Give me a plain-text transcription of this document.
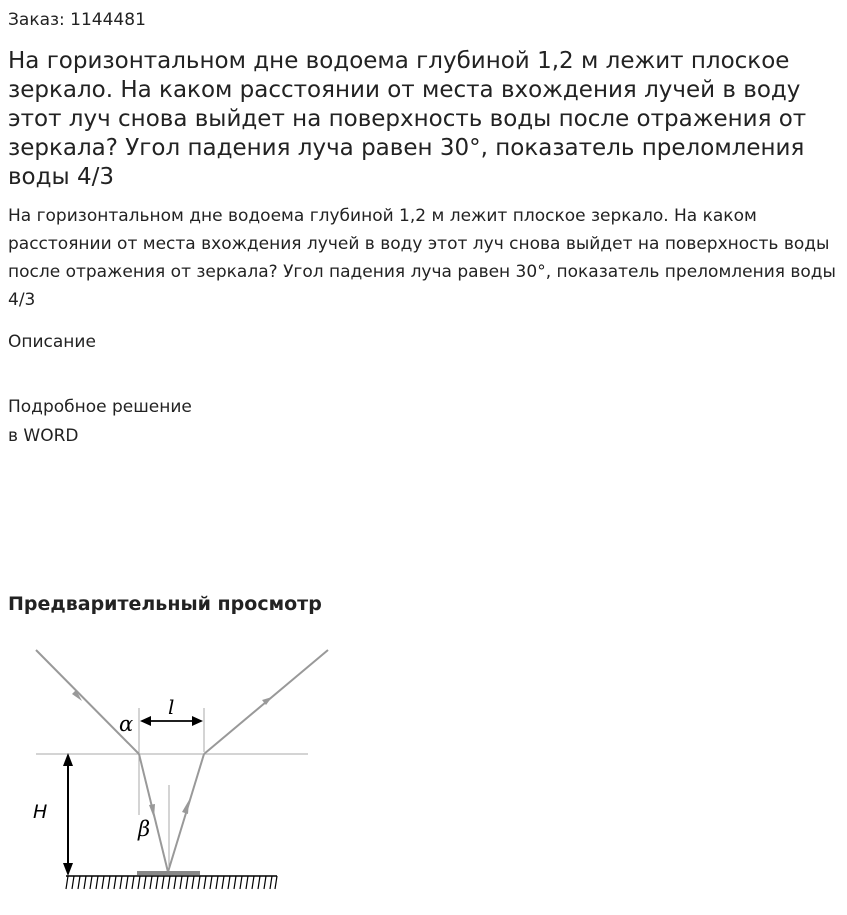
Заказ: 1144481
На горизонтальном дне водоема глубиной 1,2 м лежит плоское зеркало. На каком расстоянии от места вхождения лучей в воду этот луч снова выйдет на поверхность воды после отражения от зеркала? Угол падения луча равен 30°, показатель преломления воды 4/3

На горизонтальном дне водоема глубиной 1,2 м лежит плоское зеркало. На каком расстоянии от места вхождения лучей в воду этот луч снова выйдет на поверхность воды после отражения от зеркала? Угол падения луча равен 30°, показатель преломления воды 4/3

Описание
Подробное решение
в WORD
Предварительный просмотр
α
l
H
β
